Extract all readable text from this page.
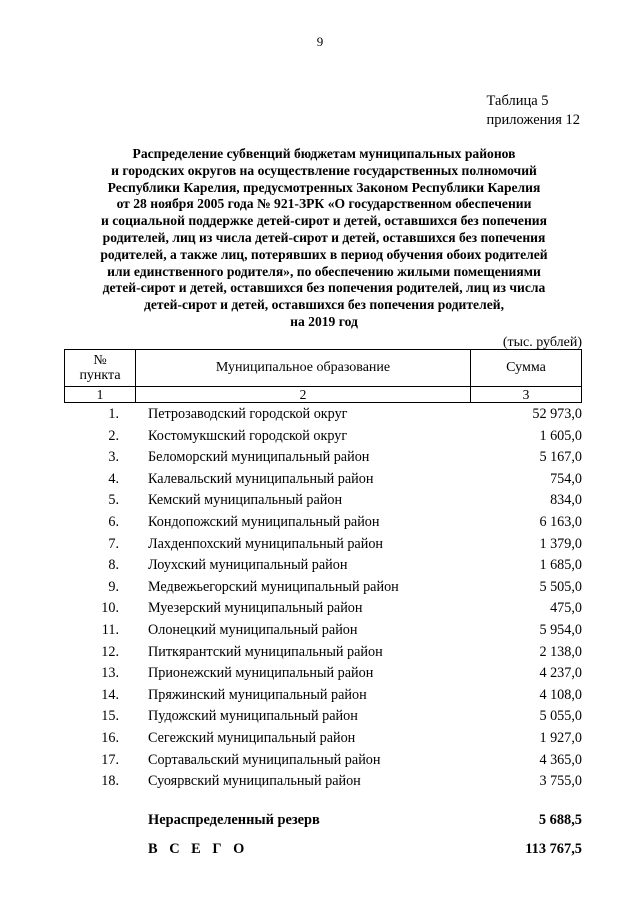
9
Таблица 5
приложения 12
Распределение субвенций бюджетам муниципальных районов
и городских округов на осуществление государственных полномочий
Республики Карелия, предусмотренных Законом Республики Карелия
от 28 ноября 2005 года № 921-ЗРК «О государственном обеспечении
и социальной поддержке детей-сирот и детей, оставшихся без попечения
родителей, лиц из числа детей-сирот и детей, оставшихся без попечения
родителей, а также лиц, потерявших в период обучения обоих родителей
или единственного родителя», по обеспечению жилыми помещениями
детей-сирот и детей, оставшихся без попечения родителей, лиц из числа
детей-сирот и детей, оставшихся без попечения родителей,
на 2019 год
(тыс. рублей)
№
пункта	Муниципальное образование	Сумма
1	2	3
1. Петрозаводский городской округ	52 973,0
2. Костомукшский городской округ	1 605,0
3. Беломорский муниципальный район	5 167,0
4. Калевальский муниципальный район	754,0
5. Кемский муниципальный район	834,0
6. Кондопожский муниципальный район	6 163,0
7. Лахденпохский муниципальный район	1 379,0
8. Лоухский муниципальный район	1 685,0
9. Медвежьегорский муниципальный район	5 505,0
10. Муезерский муниципальный район	475,0
11. Олонецкий муниципальный район	5 954,0
12. Питкярантский муниципальный район	2 138,0
13. Прионежский муниципальный район	4 237,0
14. Пряжинский муниципальный район	4 108,0
15. Пудожский муниципальный район	5 055,0
16. Сегежский муниципальный район	1 927,0
17. Сортавальский муниципальный район	4 365,0
18. Суоярвский муниципальный район	3 755,0
Нераспределенный резерв	5 688,5
В С Е Г О	113 767,5
